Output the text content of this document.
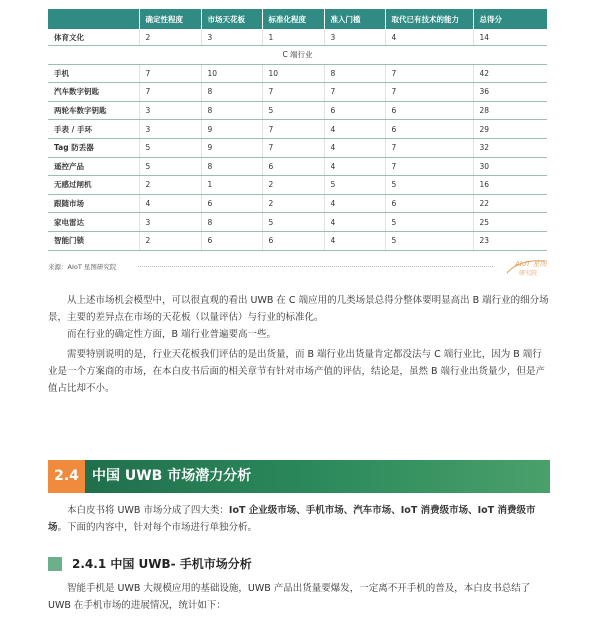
	确定性程度	市场天花板	标准化程度	准入门槛	取代已有技术的能力	总得分
体育文化	2	3	1	3	4	14
C 端行业						
手机	7	10	10	8	7	42
汽车数字钥匙	7	8	7	7	7	36
两轮车数字钥匙	3	8	5	6	6	28
手表 / 手环	3	9	7	4	6	29
Tag 防丢器	5	9	7	4	7	32
遥控产品	5	8	6	4	7	30
无感过闸机	2	1	2	5	5	16
跟随市场	4	6	2	4	6	22
家电雷达	3	8	5	4	5	25
智能门锁	2	6	6	4	5	23
来源：AIoT 星图研究院	AIoT 星图
研究院

从上述市场机会模型中，可以很直观的看出 UWB 在 C 端应用的几类场景总得分整体要明显高出 B 端行业的细分场景，主要的差异点在市场的天花板（以量评估）与行业的标准化。

而在行业的确定性方面，B 端行业普遍要高一些。

需要特别说明的是，行业天花板我们评估的是出货量，而 B 端行业出货量肯定都没法与 C 端行业比，因为 B 端行业是一个方案商的市场，在本白皮书后面的相关章节有针对市场产值的评估，结论是，虽然 B 端行业出货量少，但是产值占比却不小。

2.4 中国 UWB 市场潜力分析

本白皮书将 UWB 市场分成了四大类：IoT 企业级市场、手机市场、汽车市场、IoT 消费级市场、IoT 消费级市场。下面的内容中，针对每个市场进行单独分析。

2.4.1 中国 UWB- 手机市场分析

智能手机是 UWB 大规模应用的基础设施，UWB 产品出货量要爆发，一定离不开手机的普及，本白皮书总结了 UWB 在手机市场的进展情况，统计如下：
